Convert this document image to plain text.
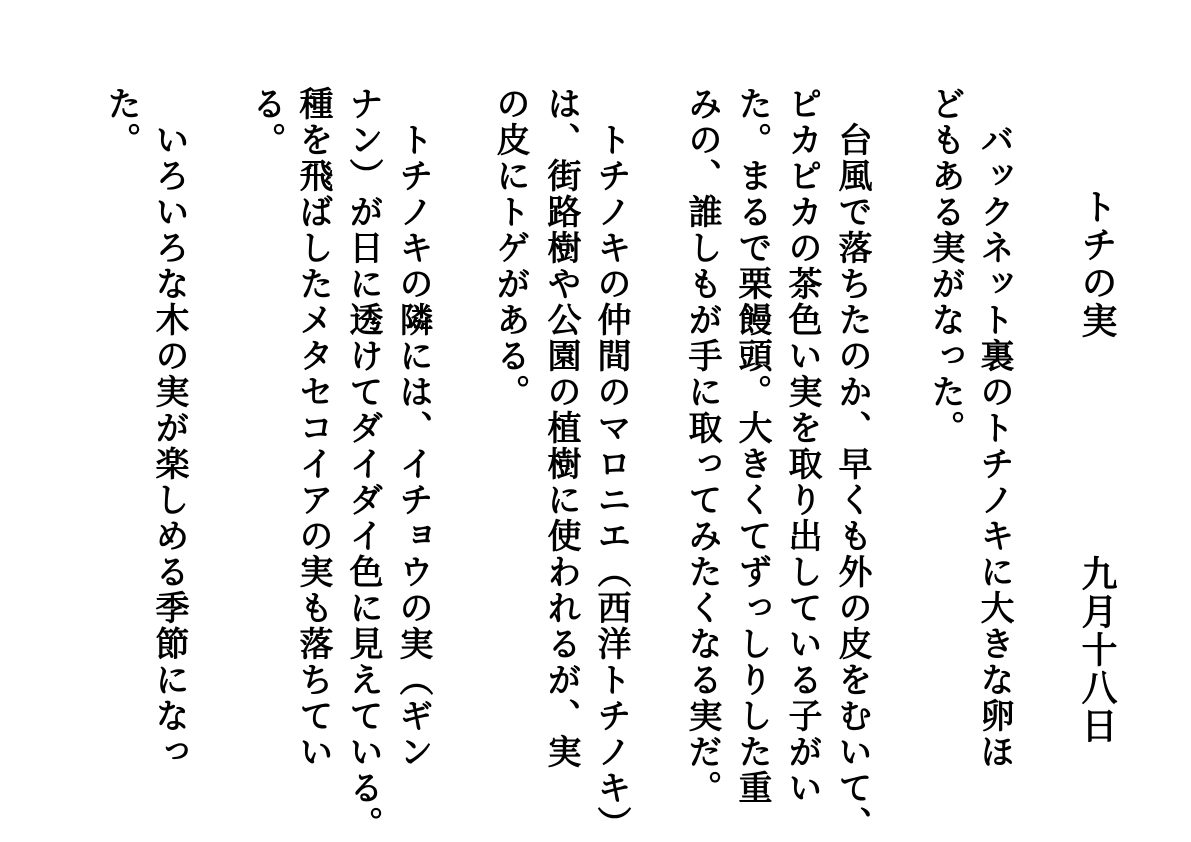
トチの実
九月十八日
バックネット裏のトチノキに大きな卵ほ
どもある実がなった。
台風で落ちたのか、早くも外の皮をむいて、
ピカピカの茶色い実を取り出している子がい
た。まるで栗饅頭。大きくてずっしりした重
みの、誰しもが手に取ってみたくなる実だ。
トチノキの仲間のマロニエ（西洋トチノキ）
は、街路樹や公園の植樹に使われるが、実
の皮にトゲがある。
トチノキの隣には、イチョウの実（ギン
ナン）が日に透けてダイダイ色に見えている。
種を飛ばしたメタセコイアの実も落ちてい
る。
いろいろな木の実が楽しめる季節になっ
た。
